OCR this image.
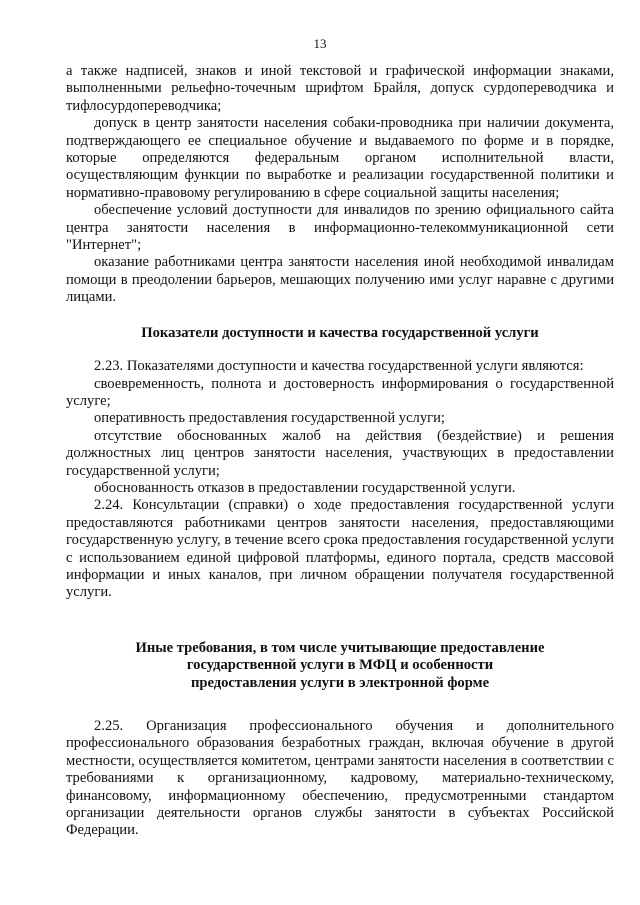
13

а также надписей, знаков и иной текстовой и графической информации знаками, выполненными рельефно-точечным шрифтом Брайля, допуск сурдопереводчика и тифлосурдопереводчика;

допуск в центр занятости населения собаки-проводника при наличии документа, подтверждающего ее специальное обучение и выдаваемого по форме и в порядке, которые определяются федеральным органом исполнительной власти, осуществляющим функции по выработке и реализации государственной политики и нормативно-правовому регулированию в сфере социальной защиты населения;

обеспечение условий доступности для инвалидов по зрению официального сайта центра занятости населения в информационно-телекоммуникационной сети "Интернет";

оказание работниками центра занятости населения иной необходимой инвалидам помощи в преодолении барьеров, мешающих получению ими услуг наравне с другими лицами.

Показатели доступности и качества государственной услуги

2.23. Показателями доступности и качества государственной услуги являются:

своевременность, полнота и достоверность информирования о государственной услуге;

оперативность предоставления государственной услуги;

отсутствие обоснованных жалоб на действия (бездействие) и решения должностных лиц центров занятости населения, участвующих в предоставлении государственной услуги;

обоснованность отказов в предоставлении государственной услуги.

2.24. Консультации (справки) о ходе предоставления государственной услуги предоставляются работниками центров занятости населения, предоставляющими государственную услугу, в течение всего срока предоставления государственной услуги с использованием единой цифровой платформы, единого портала, средств массовой информации и иных каналов, при личном обращении получателя государственной услуги.

Иные требования, в том числе учитывающие предоставление
государственной услуги в МФЦ и особенности
предоставления услуги в электронной форме

2.25. Организация профессионального обучения и дополнительного профессионального образования безработных граждан, включая обучение в другой местности, осуществляется комитетом, центрами занятости населения в соответствии с требованиями к организационному, кадровому, материально-техническому, финансовому, информационному обеспечению, предусмотренными стандартом организации деятельности органов службы занятости в субъектах Российской Федерации.
